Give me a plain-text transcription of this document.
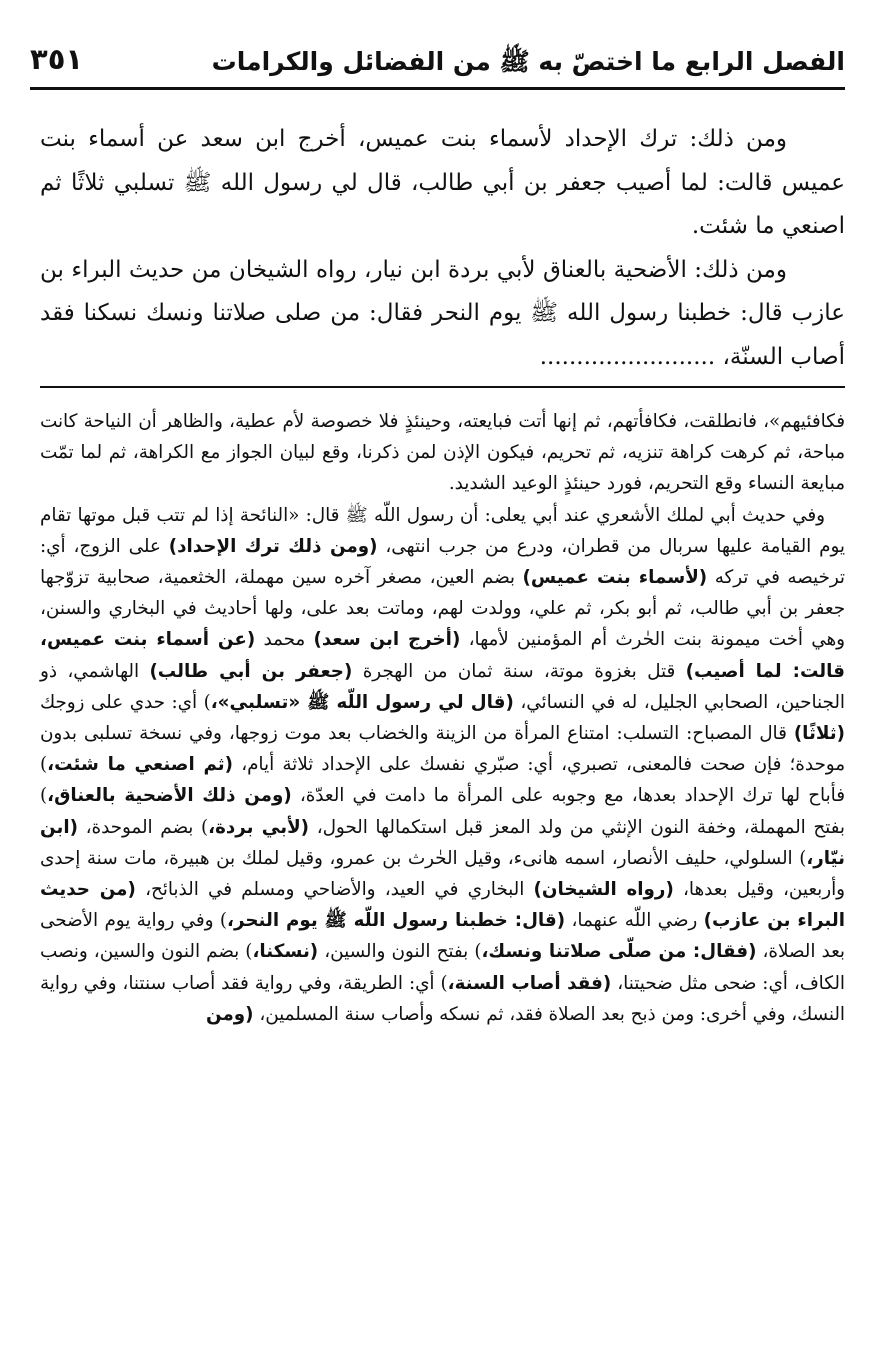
الفصل الرابع ما اختصّ به ﷺ من الفضائل والكرامات
٣٥١

ومن ذلك: ترك الإحداد لأسماء بنت عميس، أخرج ابن سعد عن أسماء بنت عميس قالت: لما أصيب جعفر بن أبي طالب، قال لي رسول الله ﷺ تسلبي ثلاثًا ثم اصنعي ما شئت.

ومن ذلك: الأضحية بالعناق لأبي بردة ابن نيار، رواه الشيخان من حديث البراء بن عازب قال: خطبنا رسول الله ﷺ يوم النحر فقال: من صلى صلاتنا ونسك نسكنا فقد أصاب السنّة، ........................

فكافئيهم»، فانطلقت، فكافأتهم، ثم إنها أتت فبايعته، وحينئذٍ فلا خصوصة لأم عطية، والظاهر أن النياحة كانت مباحة، ثم كرهت كراهة تنزيه، ثم تحريم، فيكون الإذن لمن ذكرنا، وقع لبيان الجواز مع الكراهة، ثم لما تمّت مبايعة النساء وقع التحريم، فورد حينئذٍ الوعيد الشديد.

وفي حديث أبي لملك الأشعري عند أبي يعلى: أن رسول اللّه ﷺ قال: «النائحة إذا لم تتب قبل موتها تقام يوم القيامة عليها سربال من قطران، ودرع من جرب انتهى، (ومن ذلك ترك الإحداد) على الزوج، أي: ترخيصه في تركه (لأسماء بنت عميس) بضم العين، مصغر آخره سين مهملة، الخثعمية، صحابية تزوّجها جعفر بن أبي طالب، ثم أبو بكر، ثم علي، وولدت لهم، وماتت بعد على، ولها أحاديث في البخاري والسنن، وهي أخت ميمونة بنت الحٰرث أم المؤمنين لأمها، (أخرج ابن سعد) محمد (عن أسماء بنت عميس، قالت: لما أصيب) قتل بغزوة موتة، سنة ثمان من الهجرة (جعفر بن أبي طالب) الهاشمي، ذو الجناحين، الصحابي الجليل، له في النسائي، (قال لي رسول اللّه ﷺ «تسلبي»،) أي: حدي على زوجك (ثلاثًا) قال المصباح: التسلب: امتناع المرأة من الزينة والخضاب بعد موت زوجها، وفي نسخة تسلبى بدون موحدة؛ فإن صحت فالمعنى، تصبري، أي: صبّري نفسك على الإحداد ثلاثة أيام، (ثم اصنعي ما شئت،) فأباح لها ترك الإحداد بعدها، مع وجوبه على المرأة ما دامت في العدّة، (ومن ذلك الأضحية بالعناق،) بفتح المهملة، وخفة النون الإنثي من ولد المعز قبل استكمالها الحول، (لأبي بردة،) بضم الموحدة، (ابن نيّار،) السلولي، حليف الأنصار، اسمه هانىء، وقيل الحٰرث بن عمرو، وقيل لملك بن هبيرة، مات سنة إحدى وأربعين، وقيل بعدها، (رواه الشيخان) البخاري في العيد، والأضاحي ومسلم في الذبائح، (من حديث البراء بن عازب) رضي اللّه عنهما، (قال: خطبنا رسول اللّه ﷺ يوم النحر،) وفي رواية يوم الأضحى بعد الصلاة، (فقال: من صلّى صلاتنا ونسك،) بفتح النون والسين، (نسكنا،) بضم النون والسين، ونصب الكاف، أي: ضحى مثل ضحيتنا، (فقد أصاب السنة،) أي: الطريقة، وفي رواية فقد أصاب سنتنا، وفي رواية النسك، وفي أخرى: ومن ذبح بعد الصلاة فقد، ثم نسكه وأصاب سنة المسلمين، (ومن
